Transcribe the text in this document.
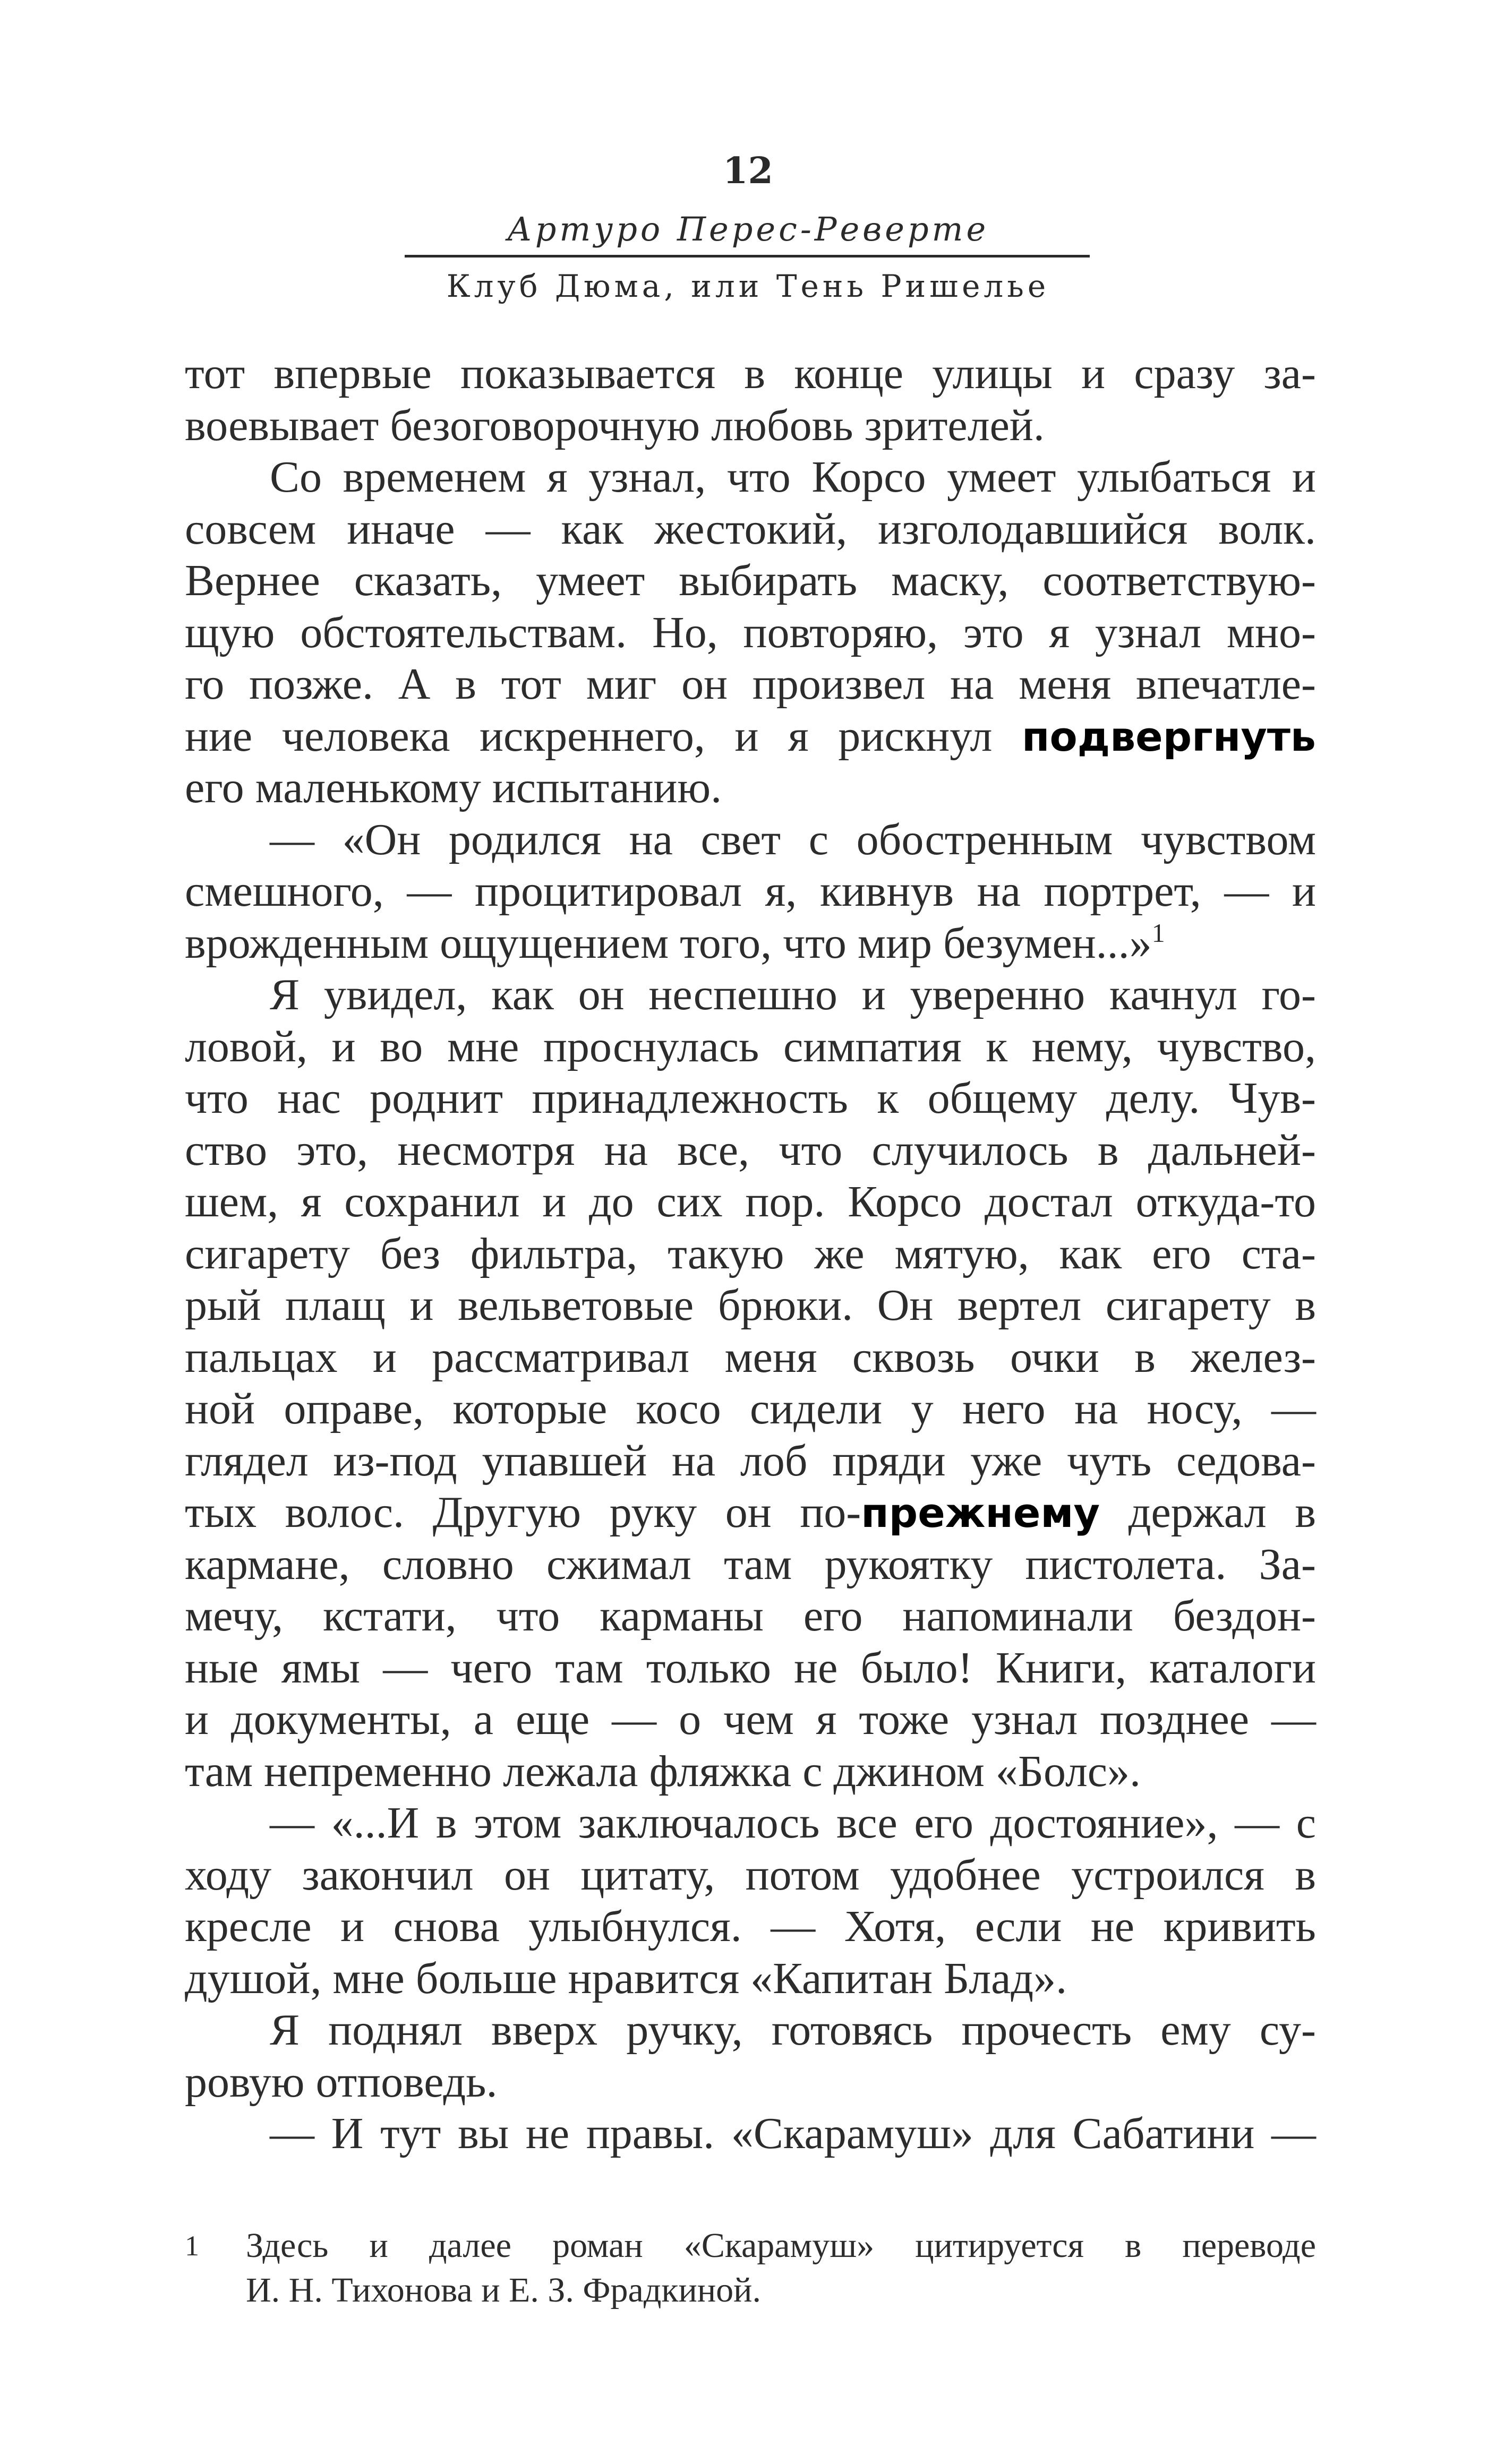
12
Артуро Перес-Реверте
Клуб Дюма, или Тень Ришелье
тот впервые показывается в конце улицы и сразу за-
воевывает безоговорочную любовь зрителей.
Со временем я узнал, что Корсо умеет улыбаться и
совсем иначе — как жестокий, изголодавшийся волк.
Вернее сказать, умеет выбирать маску, соответствую-
щую обстоятельствам. Но, повторяю, это я узнал мно-
го позже. А в тот миг он произвел на меня впечатле-
ние человека искреннего, и я рискнул подвергнуть
его маленькому испытанию.
— «Он родился на свет с обостренным чувством
смешного, — процитировал я, кивнув на портрет, — и
врожденным ощущением того, что мир безумен...»$^1$
Я увидел, как он неспешно и уверенно качнул го-
ловой, и во мне проснулась симпатия к нему, чувство,
что нас роднит принадлежность к общему делу. Чув-
ство это, несмотря на все, что случилось в дальней-
шем, я сохранил и до сих пор. Корсо достал откуда-то
сигарету без фильтра, такую же мятую, как его ста-
рый плащ и вельветовые брюки. Он вертел сигарету в
пальцах и рассматривал меня сквозь очки в желез-
ной оправе, которые косо сидели у него на носу, —
глядел из-под упавшей на лоб пряди уже чуть седова-
тых волос. Другую руку он по-прежнему держал в
кармане, словно сжимал там рукоятку пистолета. За-
мечу, кстати, что карманы его напоминали бездон-
ные ямы — чего там только не было! Книги, каталоги
и документы, а еще — о чем я тоже узнал позднее —
там непременно лежала фляжка с джином «Болс».
— «...И в этом заключалось все его достояние», — с
ходу закончил он цитату, потом удобнее устроился в
кресле и снова улыбнулся. — Хотя, если не кривить
душой, мне больше нравится «Капитан Блад».
Я поднял вверх ручку, готовясь прочесть ему су-
ровую отповедь.
— И тут вы не правы. «Скарамуш» для Сабатини —
1 Здесь и далее роман «Скарамуш» цитируется в переводе
И. Н. Тихонова и Е. З. Фрадкиной.
